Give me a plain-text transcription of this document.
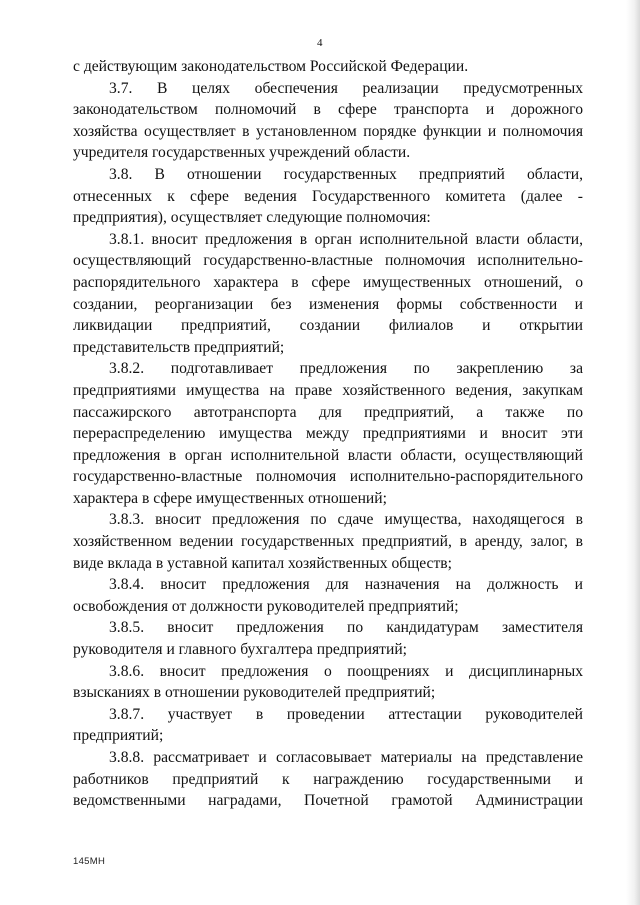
4

с действующим законодательством Российской Федерации.

3.7. В целях обеспечения реализации предусмотренных
законодательством полномочий в сфере транспорта и дорожного
хозяйства осуществляет в установленном порядке функции и полномочия
учредителя государственных учреждений области.

3.8. В отношении государственных предприятий области,
отнесенных к сфере ведения Государственного комитета (далее -
предприятия), осуществляет следующие полномочия:

3.8.1. вносит предложения в орган исполнительной власти области,
осуществляющий государственно-властные полномочия исполнительно-
распорядительного характера в сфере имущественных отношений, о
создании, реорганизации без изменения формы собственности и
ликвидации предприятий, создании филиалов и открытии
представительств предприятий;

3.8.2. подготавливает предложения по закреплению за
предприятиями имущества на праве хозяйственного ведения, закупкам
пассажирского автотранспорта для предприятий, а также по
перераспределению имущества между предприятиями и вносит эти
предложения в орган исполнительной власти области, осуществляющий
государственно-властные полномочия исполнительно-распорядительного
характера в сфере имущественных отношений;

3.8.3. вносит предложения по сдаче имущества, находящегося в
хозяйственном ведении государственных предприятий, в аренду, залог, в
виде вклада в уставной капитал хозяйственных обществ;

3.8.4. вносит предложения для назначения на должность и
освобождения от должности руководителей предприятий;

3.8.5. вносит предложения по кандидатурам заместителя
руководителя и главного бухгалтера предприятий;

3.8.6. вносит предложения о поощрениях и дисциплинарных
взысканиях в отношении руководителей предприятий;

3.8.7. участвует в проведении аттестации руководителей
предприятий;

3.8.8. рассматривает и согласовывает материалы на представление
работников предприятий к награждению государственными и
ведомственными наградами, Почетной грамотой Администрации

145МН
